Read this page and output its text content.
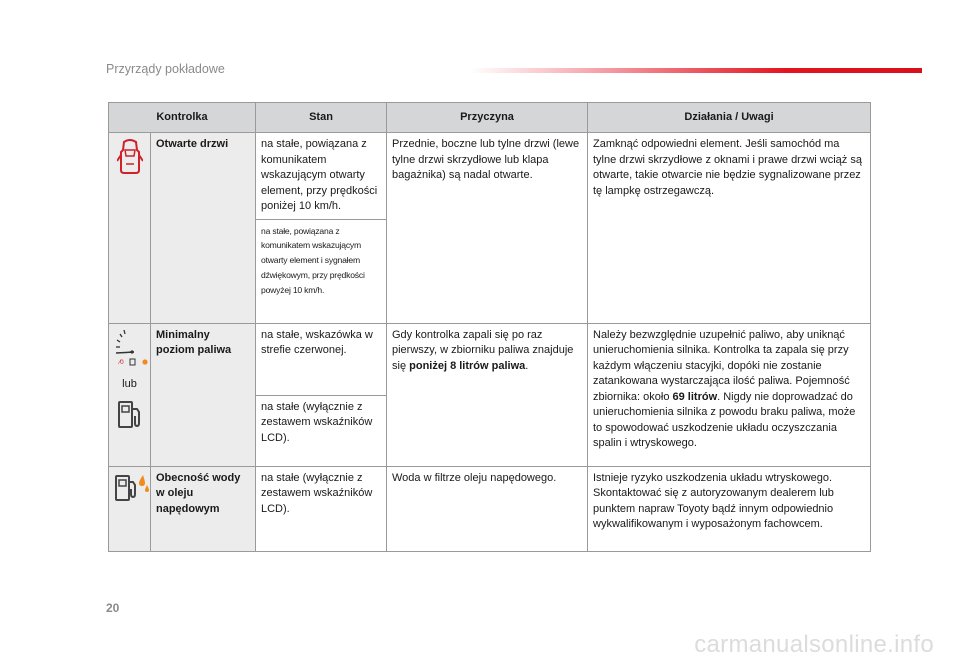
Przyrządy pokładowe
Kontrolka		Stan	Przyczyna	Działania / Uwagi
	Otwarte drzwi	na stałe, powiązana z komunikatem wskazującym otwarty element, przy prędkości poniżej 10 km/h.	Przednie, boczne lub tylne drzwi (lewe tylne drzwi skrzydłowe lub klapa bagażnika) są nadal otwarte.	Zamknąć odpowiedni element. Jeśli samochód ma tylne drzwi skrzydłowe z oknami i prawe drzwi wciąż są otwarte, takie otwarcie nie będzie sygnalizowane przez tę lampkę ostrzegawczą.
		na stałe, powiązana z komunikatem wskazującym otwarty element i sygnałem dźwiękowym, przy prędkości powyżej 10 km/h.		

⁄0
lub	Minimalny poziom paliwa	na stałe, wskazówka w strefie czerwonej.	Gdy kontrolka zapali się po raz pierwszy, w zbiorniku paliwa znajduje się poniżej 8 litrów paliwa.	Należy bezwzględnie uzupełnić paliwo, aby uniknąć unieruchomienia silnika. Kontrolka ta zapala się przy każdym włączeniu stacyjki, dopóki nie zostanie zatankowana wystarczająca ilość paliwa. Pojemność zbiornika: około 69 litrów. Nigdy nie doprowadzać do unieruchomienia silnika z powodu braku paliwa, może to spowodować uszkodzenie układu oczyszczania spalin i wtryskowego.
		na stałe (wyłącznie z zestawem wskaźników LCD).		
	Obecność wody w oleju napędowym	na stałe (wyłącznie z zestawem wskaźników LCD).	Woda w filtrze oleju napędowego.	Istnieje ryzyko uszkodzenia układu wtryskowego. Skontaktować się z autoryzowanym dealerem lub punktem napraw Toyoty bądź innym odpowiednio wykwalifikowanym i wyposażonym fachowcem.
20
carmanualsonline.info
